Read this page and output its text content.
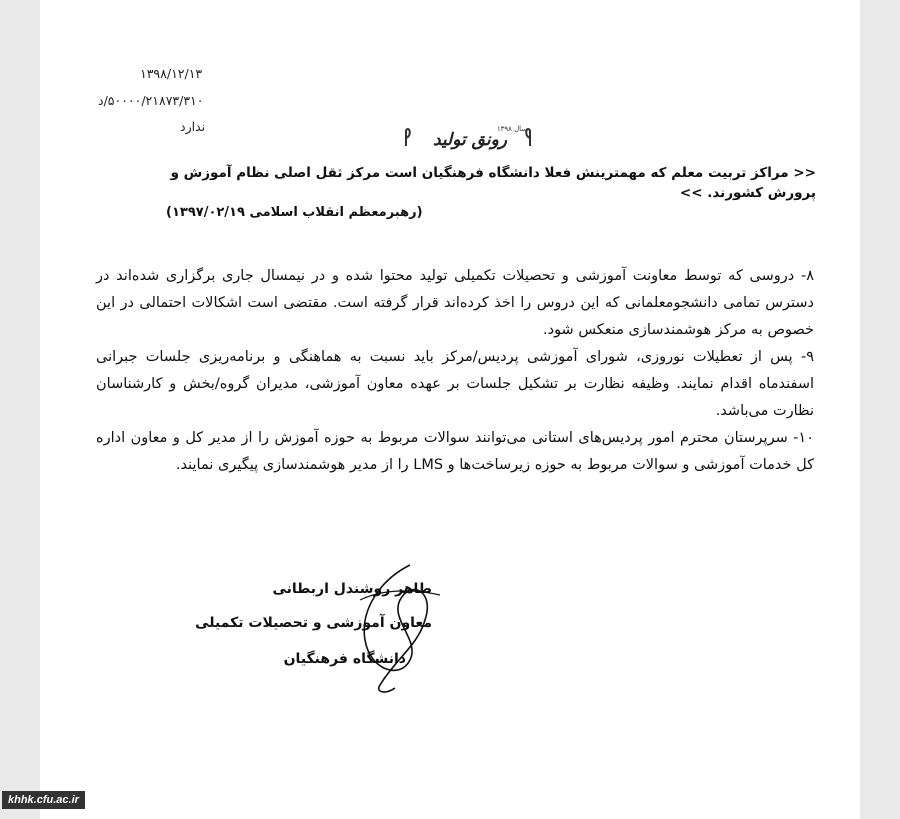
۱۳۹۸/۱۲/۱۳
۵۰۰۰۰/۲۱۸۷۳/۳۱۰/د
ندارد
رونق تولید
سال ۱۳۹۸
<< مراکز تربیت معلم که مهمترینش فعلا دانشگاه فرهنگیان است مرکز ثقل اصلی نظام آموزش و پرورش کشورند. >>
(رهبرمعظم انقلاب اسلامی ۱۳۹۷/۰۲/۱۹)

۸- دروسی که توسط معاونت آموزشی و تحصیلات تکمیلی تولید محتوا شده و در نیمسال جاری برگزاری شده‌اند در دسترس تمامی دانشجومعلمانی که این دروس را اخذ کرده‌اند قرار گرفته است. مقتضی است اشکالات احتمالی در این خصوص به مرکز هوشمندسازی منعکس شود.

۹- پس از تعطیلات نوروزی، شورای آموزشی پردیس/مرکز باید نسبت به هماهنگی و برنامه‌ریزی جلسات جبرانی اسفندماه اقدام نمایند. وظیفه نظارت بر تشکیل جلسات بر عهده معاون آموزشی، مدیران گروه/بخش و کارشناسان نظارت می‌باشد.

۱۰- سرپرستان محترم امور پردیس‌های استانی می‌توانند سوالات مربوط به حوزه آموزش را از مدیر کل و معاون اداره کل خدمات آموزشی و سوالات مربوط به حوزه زیرساخت‌ها و LMS را از مدیر هوشمندسازی پیگیری نمایند.

طاهر روشندل اربطانی
معاون آموزشی و تحصیلات تکمیلی
دانشگاه فرهنگیان
khhk.cfu.ac.ir
